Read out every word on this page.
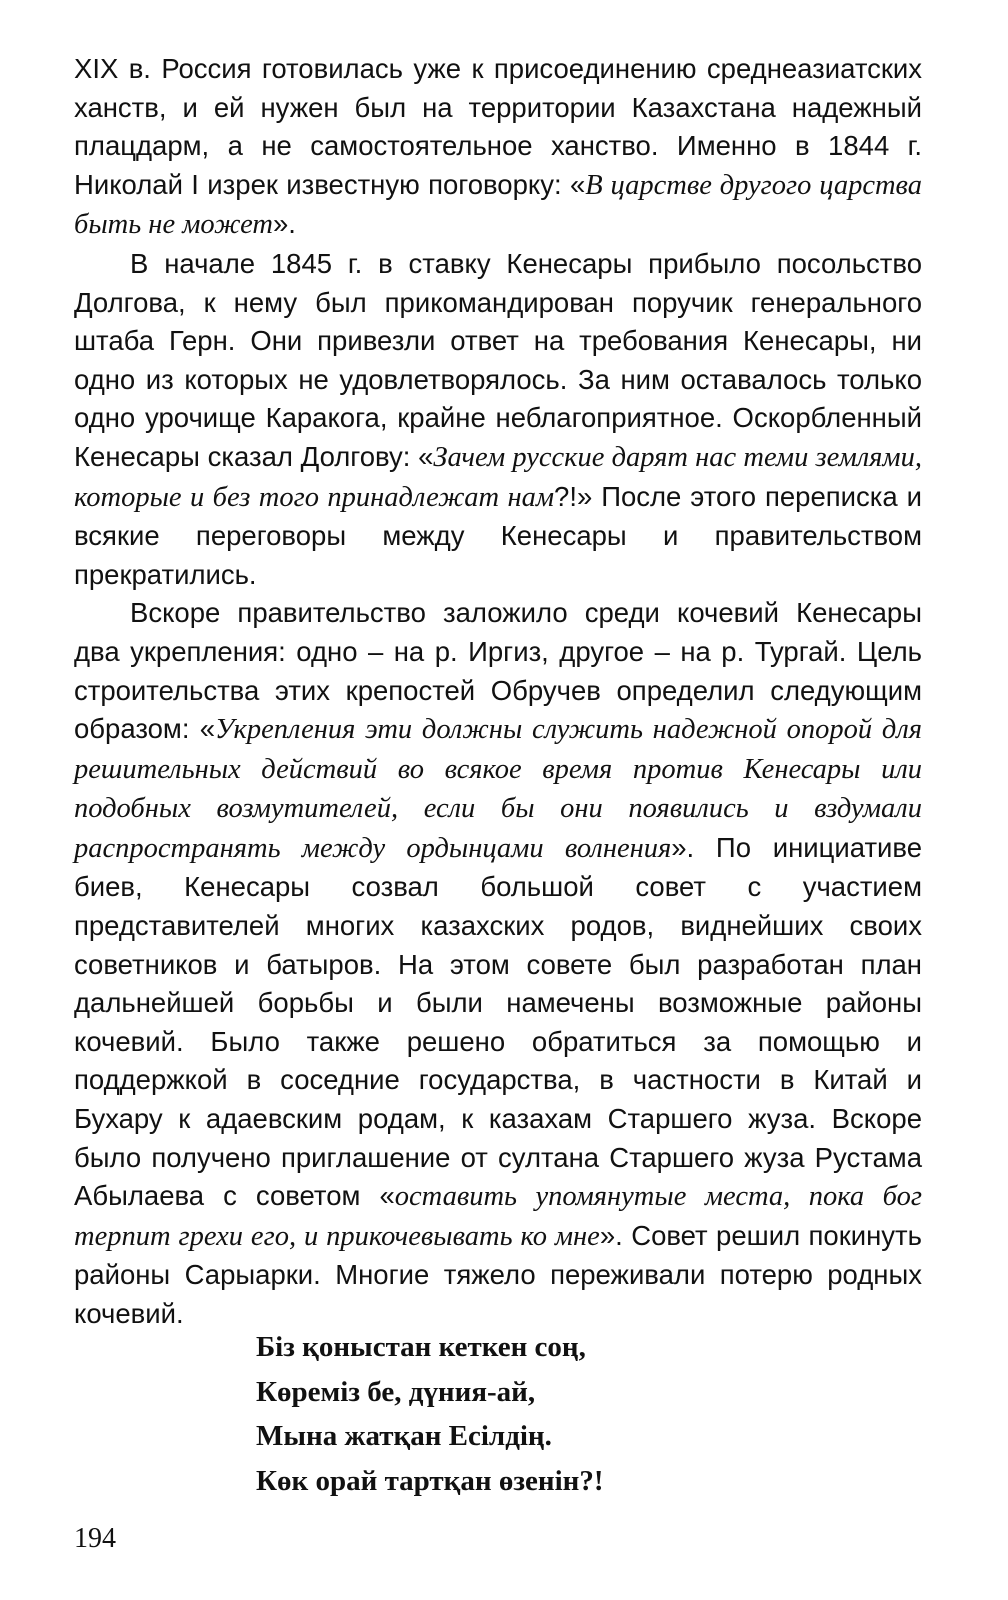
XIX в. Россия готовилась уже к присоединению среднеазиатских ханств, и ей нужен был на территории Казахстана надежный плацдарм, а не самостоятельное ханство. Именно в 1844 г. Николай I изрек известную поговорку: «В царстве другого царства быть не может».

В начале 1845 г. в ставку Кенесары прибыло посольство Долгова, к нему был прикомандирован поручик генерального штаба Герн. Они привезли ответ на требования Кенесары, ни одно из которых не удовлетворялось. За ним оставалось только одно урочище Каракога, крайне неблагоприятное. Оскорбленный Кенесары сказал Долгову: «Зачем русские дарят нас теми землями, которые и без того принадлежат нам?!» После этого переписка и всякие переговоры между Кенесары и правительством прекратились.

Вскоре правительство заложило среди кочевий Кенесары два укрепления: одно – на р. Иргиз, другое – на р. Тургай. Цель строительства этих крепостей Обручев определил следующим образом: «Укрепления эти должны служить надежной опорой для решительных действий во всякое время против Кенесары или подобных возмутителей, если бы они появились и вздумали распространять между ордынцами волнения». По инициативе биев, Кенесары созвал большой совет с участием представителей многих казахских родов, виднейших своих советников и батыров. На этом совете был разработан план дальнейшей борьбы и были намечены возможные районы кочевий. Было также решено обратиться за помощью и поддержкой в соседние государства, в частности в Китай и Бухару к адаевским родам, к казахам Старшего жуза. Вскоре было получено приглашение от султана Старшего жуза Рустама Абылаева с советом «оставить упомянутые места, пока бог терпит грехи его, и прикочевывать ко мне». Совет решил покинуть районы Сарыарки. Многие тяжело переживали потерю родных кочевий.

Біз қоныстан кеткен соң,
Көреміз бе, дүния-ай,
Мына жатқан Есілдің.
Көк орай тартқан өзенін?!
194
